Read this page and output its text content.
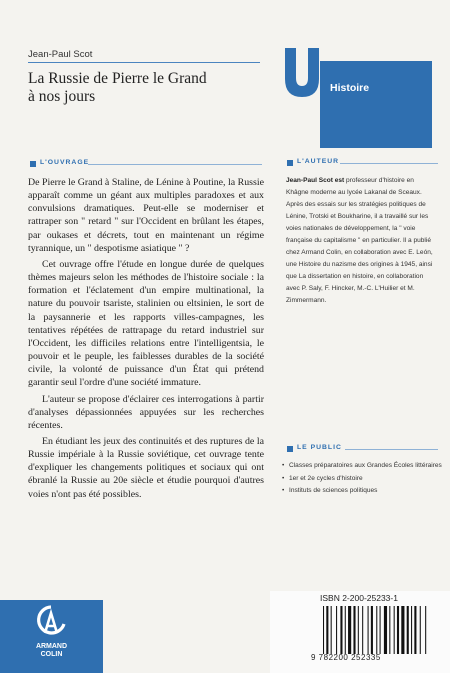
Jean-Paul Scot
La Russie de Pierre le Grand
à nos jours	Histoire
L'OUVRAGE

De Pierre le Grand à Staline, de Lénine à Poutine, la Russie apparaît comme un géant aux multiples paradoxes et aux convulsions dramatiques. Peut-elle se moderniser et rattraper son " retard " sur l'Occident en brûlant les étapes, par oukases et décrets, tout en maintenant un régime tyrannique, un " despotisme asiatique " ?

Cet ouvrage offre l'étude en longue durée de quelques thèmes majeurs selon les méthodes de l'histoire sociale : la formation et l'éclatement d'un empire multinational, la nature du pouvoir tsariste, stalinien ou eltsinien, le sort de la paysannerie et les rapports villes-campagnes, les tentatives répétées de rattrapage du retard industriel sur l'Occident, les difficiles relations entre l'intelligentsia, le pouvoir et le peuple, les faiblesses durables de la société civile, la volonté de puissance d'un État qui prétend garantir seul l'ordre d'une société immature.

L'auteur se propose d'éclairer ces interrogations à partir d'analyses dépassionnées appuyées sur les recherches récentes.

En étudiant les jeux des continuités et des ruptures de la Russie impériale à la Russie soviétique, cet ouvrage tente d'expliquer les changements politiques et sociaux qui ont ébranlé la Russie au 20e siècle et étudie pourquoi d'autres voies n'ont pas été possibles.

L'AUTEUR
Jean-Paul Scot est professeur d'histoire en Khâgne moderne au lycée Lakanal de Sceaux. Après des essais sur les stratégies politiques de Lénine, Trotski et Boukharine, il a travaillé sur les voies nationales de développement, la " voie française du capitalisme " en particulier. Il a publié chez Armand Colin, en collaboration avec E. León, une Histoire du nazisme des origines à 1945, ainsi que La dissertation en histoire, en collaboration avec P. Saly, F. Hincker, M.-C. L'Huilier et M. Zimmermann.
LE PUBLIC
• Classes préparatoires aux Grandes Écoles littéraires
• 1er et 2e cycles d'histoire
• Instituts de sciences politiques
ARMAND
COLIN
ISBN 2-200-25233-1
9 782200 252335
